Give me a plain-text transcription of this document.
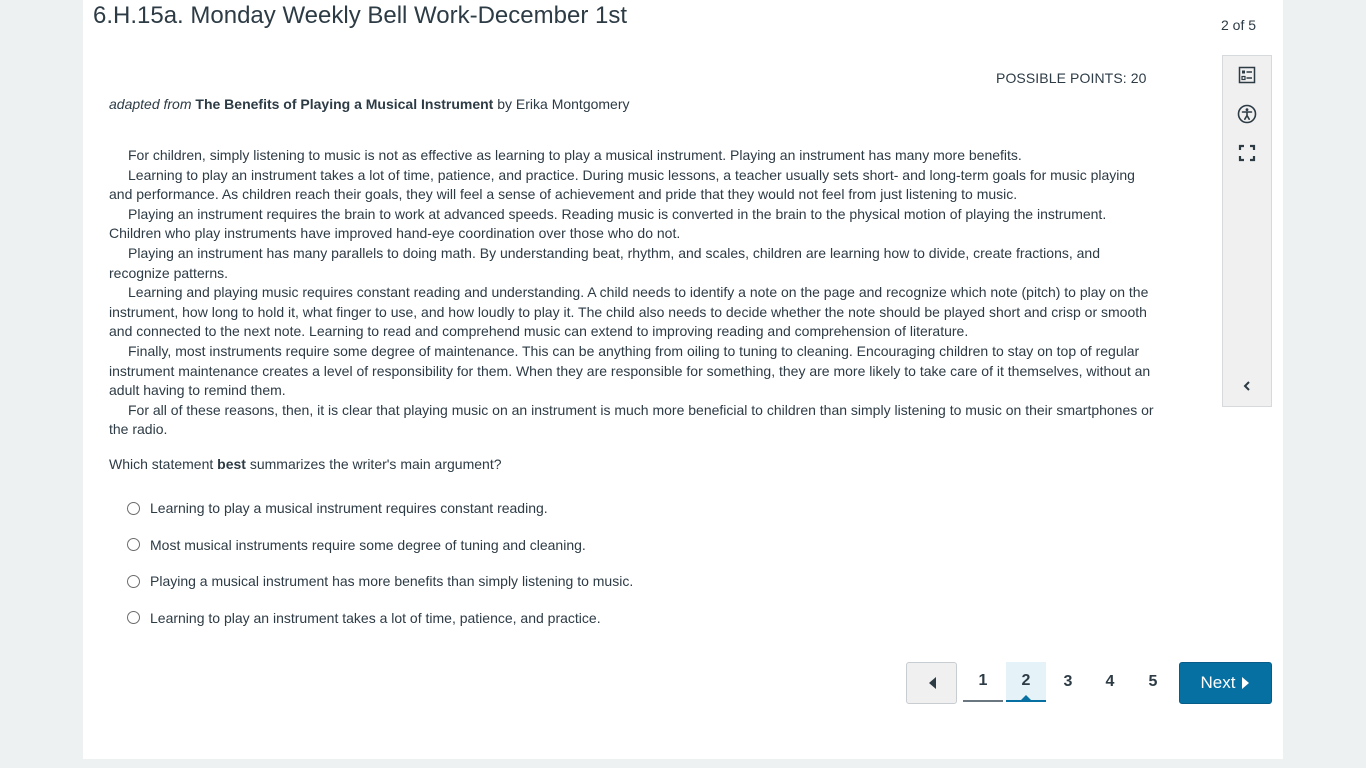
6.H.15a. Monday Weekly Bell Work-December 1st	2 of 5
POSSIBLE POINTS: 20
adapted from The Benefits of Playing a Musical Instrument by Erika Montgomery

For children, simply listening to music is not as effective as learning to play a musical instrument. Playing an instrument has many more benefits.

Learning to play an instrument takes a lot of time, patience, and practice. During music lessons, a teacher usually sets short- and long-term goals for music playing and performance. As children reach their goals, they will feel a sense of achievement and pride that they would not feel from just listening to music.

Playing an instrument requires the brain to work at advanced speeds. Reading music is converted in the brain to the physical motion of playing the instrument. Children who play instruments have improved hand-eye coordination over those who do not.

Playing an instrument has many parallels to doing math. By understanding beat, rhythm, and scales, children are learning how to divide, create fractions, and recognize patterns.

Learning and playing music requires constant reading and understanding. A child needs to identify a note on the page and recognize which note (pitch) to play on the instrument, how long to hold it, what finger to use, and how loudly to play it. The child also needs to decide whether the note should be played short and crisp or smooth and connected to the next note. Learning to read and comprehend music can extend to improving reading and comprehension of literature.

Finally, most instruments require some degree of maintenance. This can be anything from oiling to tuning to cleaning. Encouraging children to stay on top of regular instrument maintenance creates a level of responsibility for them. When they are responsible for something, they are more likely to take care of it themselves, without an adult having to remind them.

For all of these reasons, then, it is clear that playing music on an instrument is much more beneficial to children than simply listening to music on their smartphones or the radio.

Which statement best summarizes the writer's main argument?
Learning to play a musical instrument requires constant reading.
Most musical instruments require some degree of tuning and cleaning.
Playing a musical instrument has more benefits than simply listening to music.
Learning to play an instrument takes a lot of time, patience, and practice.
1	2	3	4	5	Next
